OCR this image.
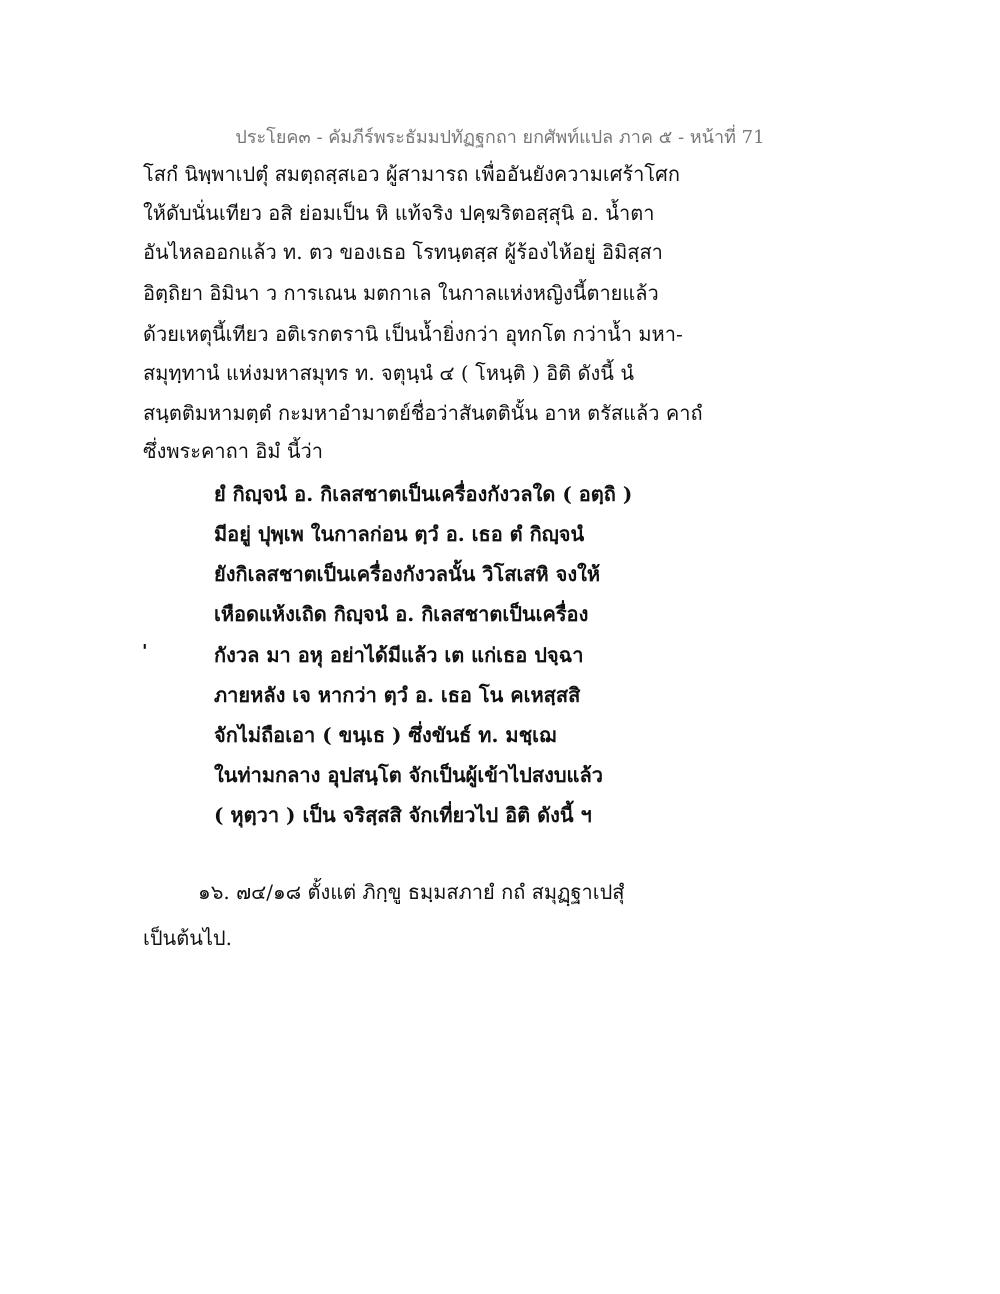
ประโยค๓ - คัมภีร์พระธัมมปทัฏฐกถา ยกศัพท์แปล ภาค ๕ - หน้าที่ 71
โสกํ นิพฺพาเปตุํ สมตฺถสฺสเอว ผู้สามารถ เพื่ออันยังความเศร้าโศก
ให้ดับนั่นเทียว อสิ ย่อมเป็น หิ แท้จริง ปคฺฆริตอสฺสุนิ อ. น้ำตา
อันไหลออกแล้ว ท. ตว ของเธอ โรทนฺตสฺส ผู้ร้องไห้อยู่ อิมิสฺสา
อิตฺถิยา อิมินา ว การเณน มตกาเล ในกาลแห่งหญิงนี้ตายแล้ว
ด้วยเหตุนี้เทียว อติเรกตรานิ เป็นน้ำยิ่งกว่า อุทกโต กว่าน้ำ มหา-
สมุทฺทานํ แห่งมหาสมุทร ท. จตุนฺนํ ๔ ( โหนฺติ ) อิติ ดังนี้ นํ
สนฺตติมหามตฺตํ กะมหาอำมาตย์ชื่อว่าสันตตินั้น อาห ตรัสแล้ว คาถํ
ซึ่งพระคาถา อิมํ นี้ว่า
ยํ กิญฺจนํ อ. กิเลสชาตเป็นเครื่องกังวลใด ( อตฺถิ )
มีอยู่ ปุพฺเพ ในกาลก่อน ตฺวํ อ. เธอ ตํ กิญฺจนํ
ยังกิเลสชาตเป็นเครื่องกังวลนั้น วิโสเสหิ จงให้
เหือดแห้งเถิด กิญฺจนํ อ. กิเลสชาตเป็นเครื่อง
กังวล มา อหุ อย่าได้มีแล้ว เต แก่เธอ ปจฺฉา
ภายหลัง เจ หากว่า ตฺวํ อ. เธอ โน คเหสฺสสิ
จักไม่ถือเอา ( ขนฺเธ ) ซึ่งขันธ์ ท. มชฺเฌ
ในท่ามกลาง อุปสนฺโต จักเป็นผู้เข้าไปสงบแล้ว
( หุตฺวา ) เป็น จริสฺสสิ จักเที่ยวไป อิติ ดังนี้ ฯ
'
๑๖. ๗๔/๑๘ ตั้งแต่ ภิกฺขู ธมฺมสภายํ กถํ สมุฏฺฐาเปสุํ
เป็นต้นไป.
